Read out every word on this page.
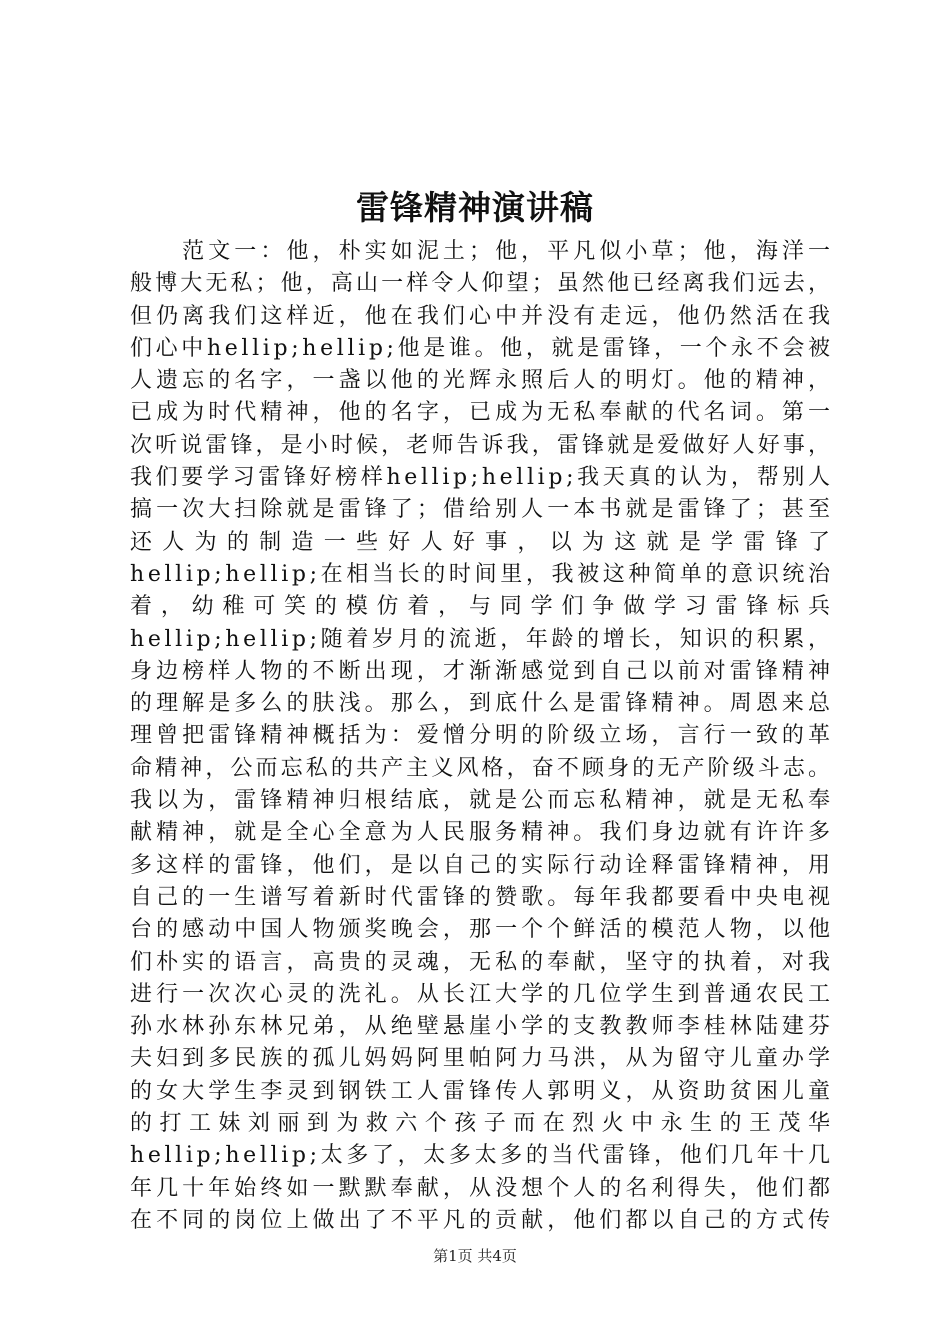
雷锋精神演讲稿
　　范文一：他，朴实如泥土；他，平凡似小草；他，海洋一
般博大无私；他，高山一样令人仰望；虽然他已经离我们远去，
但仍离我们这样近，他在我们心中并没有走远，他仍然活在我
们心中hellip;hellip;他是谁。他，就是雷锋，一个永不会被
人遗忘的名字，一盏以他的光辉永照后人的明灯。他的精神，
已成为时代精神，他的名字，已成为无私奉献的代名词。第一
次听说雷锋，是小时候，老师告诉我，雷锋就是爱做好人好事，
我们要学习雷锋好榜样hellip;hellip;我天真的认为，帮别人
搞一次大扫除就是雷锋了；借给别人一本书就是雷锋了；甚至
还人为的制造一些好人好事，以为这就是学雷锋了
hellip;hellip;在相当长的时间里，我被这种简单的意识统治
着，幼稚可笑的模仿着，与同学们争做学习雷锋标兵
hellip;hellip;随着岁月的流逝，年龄的增长，知识的积累，
身边榜样人物的不断出现，才渐渐感觉到自己以前对雷锋精神
的理解是多么的肤浅。那么，到底什么是雷锋精神。周恩来总
理曾把雷锋精神概括为：爱憎分明的阶级立场，言行一致的革
命精神，公而忘私的共产主义风格，奋不顾身的无产阶级斗志。
我以为，雷锋精神归根结底，就是公而忘私精神，就是无私奉
献精神，就是全心全意为人民服务精神。我们身边就有许许多
多这样的雷锋，他们，是以自己的实际行动诠释雷锋精神，用
自己的一生谱写着新时代雷锋的赞歌。每年我都要看中央电视
台的感动中国人物颁奖晚会，那一个个鲜活的模范人物，以他
们朴实的语言，高贵的灵魂，无私的奉献，坚守的执着，对我
进行一次次心灵的洗礼。从长江大学的几位学生到普通农民工
孙水林孙东林兄弟，从绝壁悬崖小学的支教教师李桂林陆建芬
夫妇到多民族的孤儿妈妈阿里帕阿力马洪，从为留守儿童办学
的女大学生李灵到钢铁工人雷锋传人郭明义，从资助贫困儿童
的打工妹刘丽到为救六个孩子而在烈火中永生的王茂华
hellip;hellip;太多了，太多太多的当代雷锋，他们几年十几
年几十年始终如一默默奉献，从没想个人的名利得失，他们都
在不同的岗位上做出了不平凡的贡献，他们都以自己的方式传
第1页 共4页
